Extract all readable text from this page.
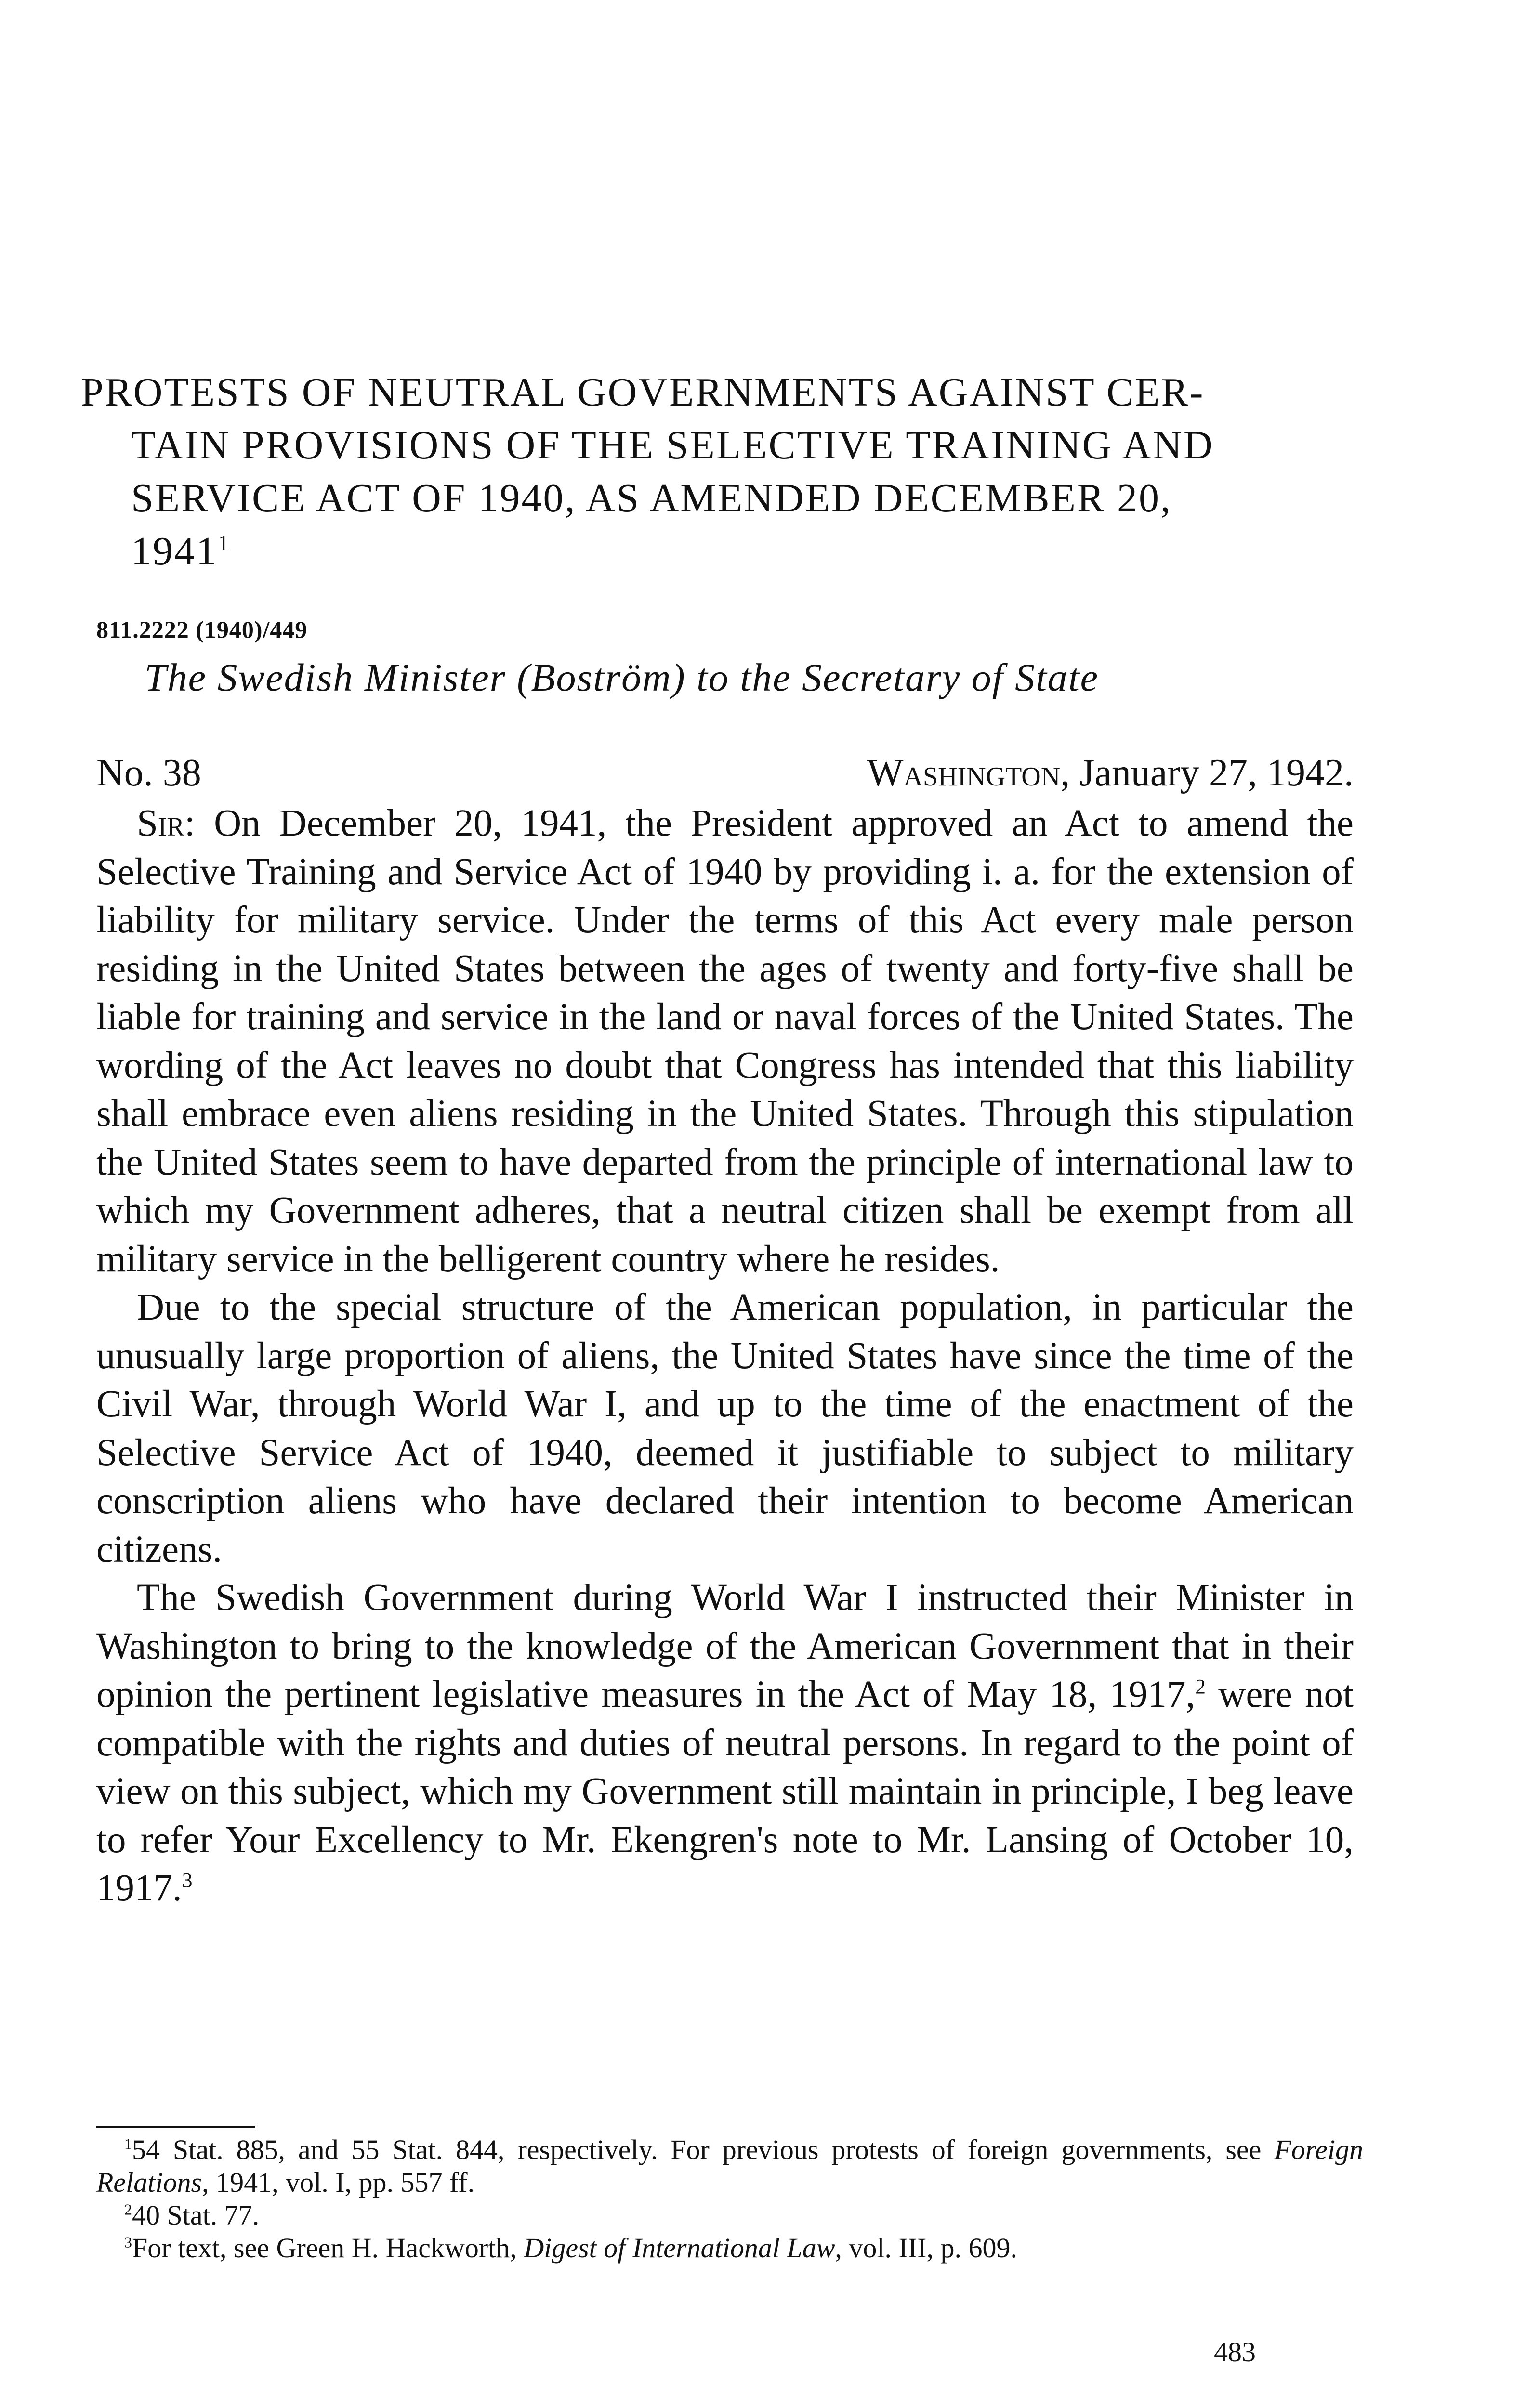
PROTESTS OF NEUTRAL GOVERNMENTS AGAINST CER-
TAIN PROVISIONS OF THE SELECTIVE TRAINING AND
SERVICE ACT OF 1940, AS AMENDED DECEMBER 20,
1941$^1$
811.2222 (1940)/449
The Swedish Minister (Boström) to the Secretary of State
No. 38	Washington, January 27, 1942.

Sir: On December 20, 1941, the President approved an Act to amend the Selective Training and Service Act of 1940 by providing i. a. for the extension of liability for military service. Under the terms of this Act every male person residing in the United States between the ages of twenty and forty-five shall be liable for training and service in the land or naval forces of the United States. The wording of the Act leaves no doubt that Congress has intended that this liability shall embrace even aliens residing in the United States. Through this stipulation the United States seem to have departed from the principle of international law to which my Government adheres, that a neutral citizen shall be exempt from all military service in the belligerent country where he resides.

Due to the special structure of the American population, in particular the unusually large proportion of aliens, the United States have since the time of the Civil War, through World War I, and up to the time of the enactment of the Selective Service Act of 1940, deemed it justifiable to subject to military conscription aliens who have declared their intention to become American citizens.

The Swedish Government during World War I instructed their Minister in Washington to bring to the knowledge of the American Government that in their opinion the pertinent legislative measures in the Act of May 18, 1917,$^2$ were not compatible with the rights and duties of neutral persons. In regard to the point of view on this subject, which my Government still maintain in principle, I beg leave to refer Your Excellency to Mr. Ekengren's note to Mr. Lansing of October 10, 1917.$^3$

$^1$54 Stat. 885, and 55 Stat. 844, respectively. For previous protests of foreign governments, see Foreign Relations, 1941, vol. I, pp. 557 ff.

$^2$40 Stat. 77.

$^3$For text, see Green H. Hackworth, Digest of International Law, vol. III, p. 609.

483
